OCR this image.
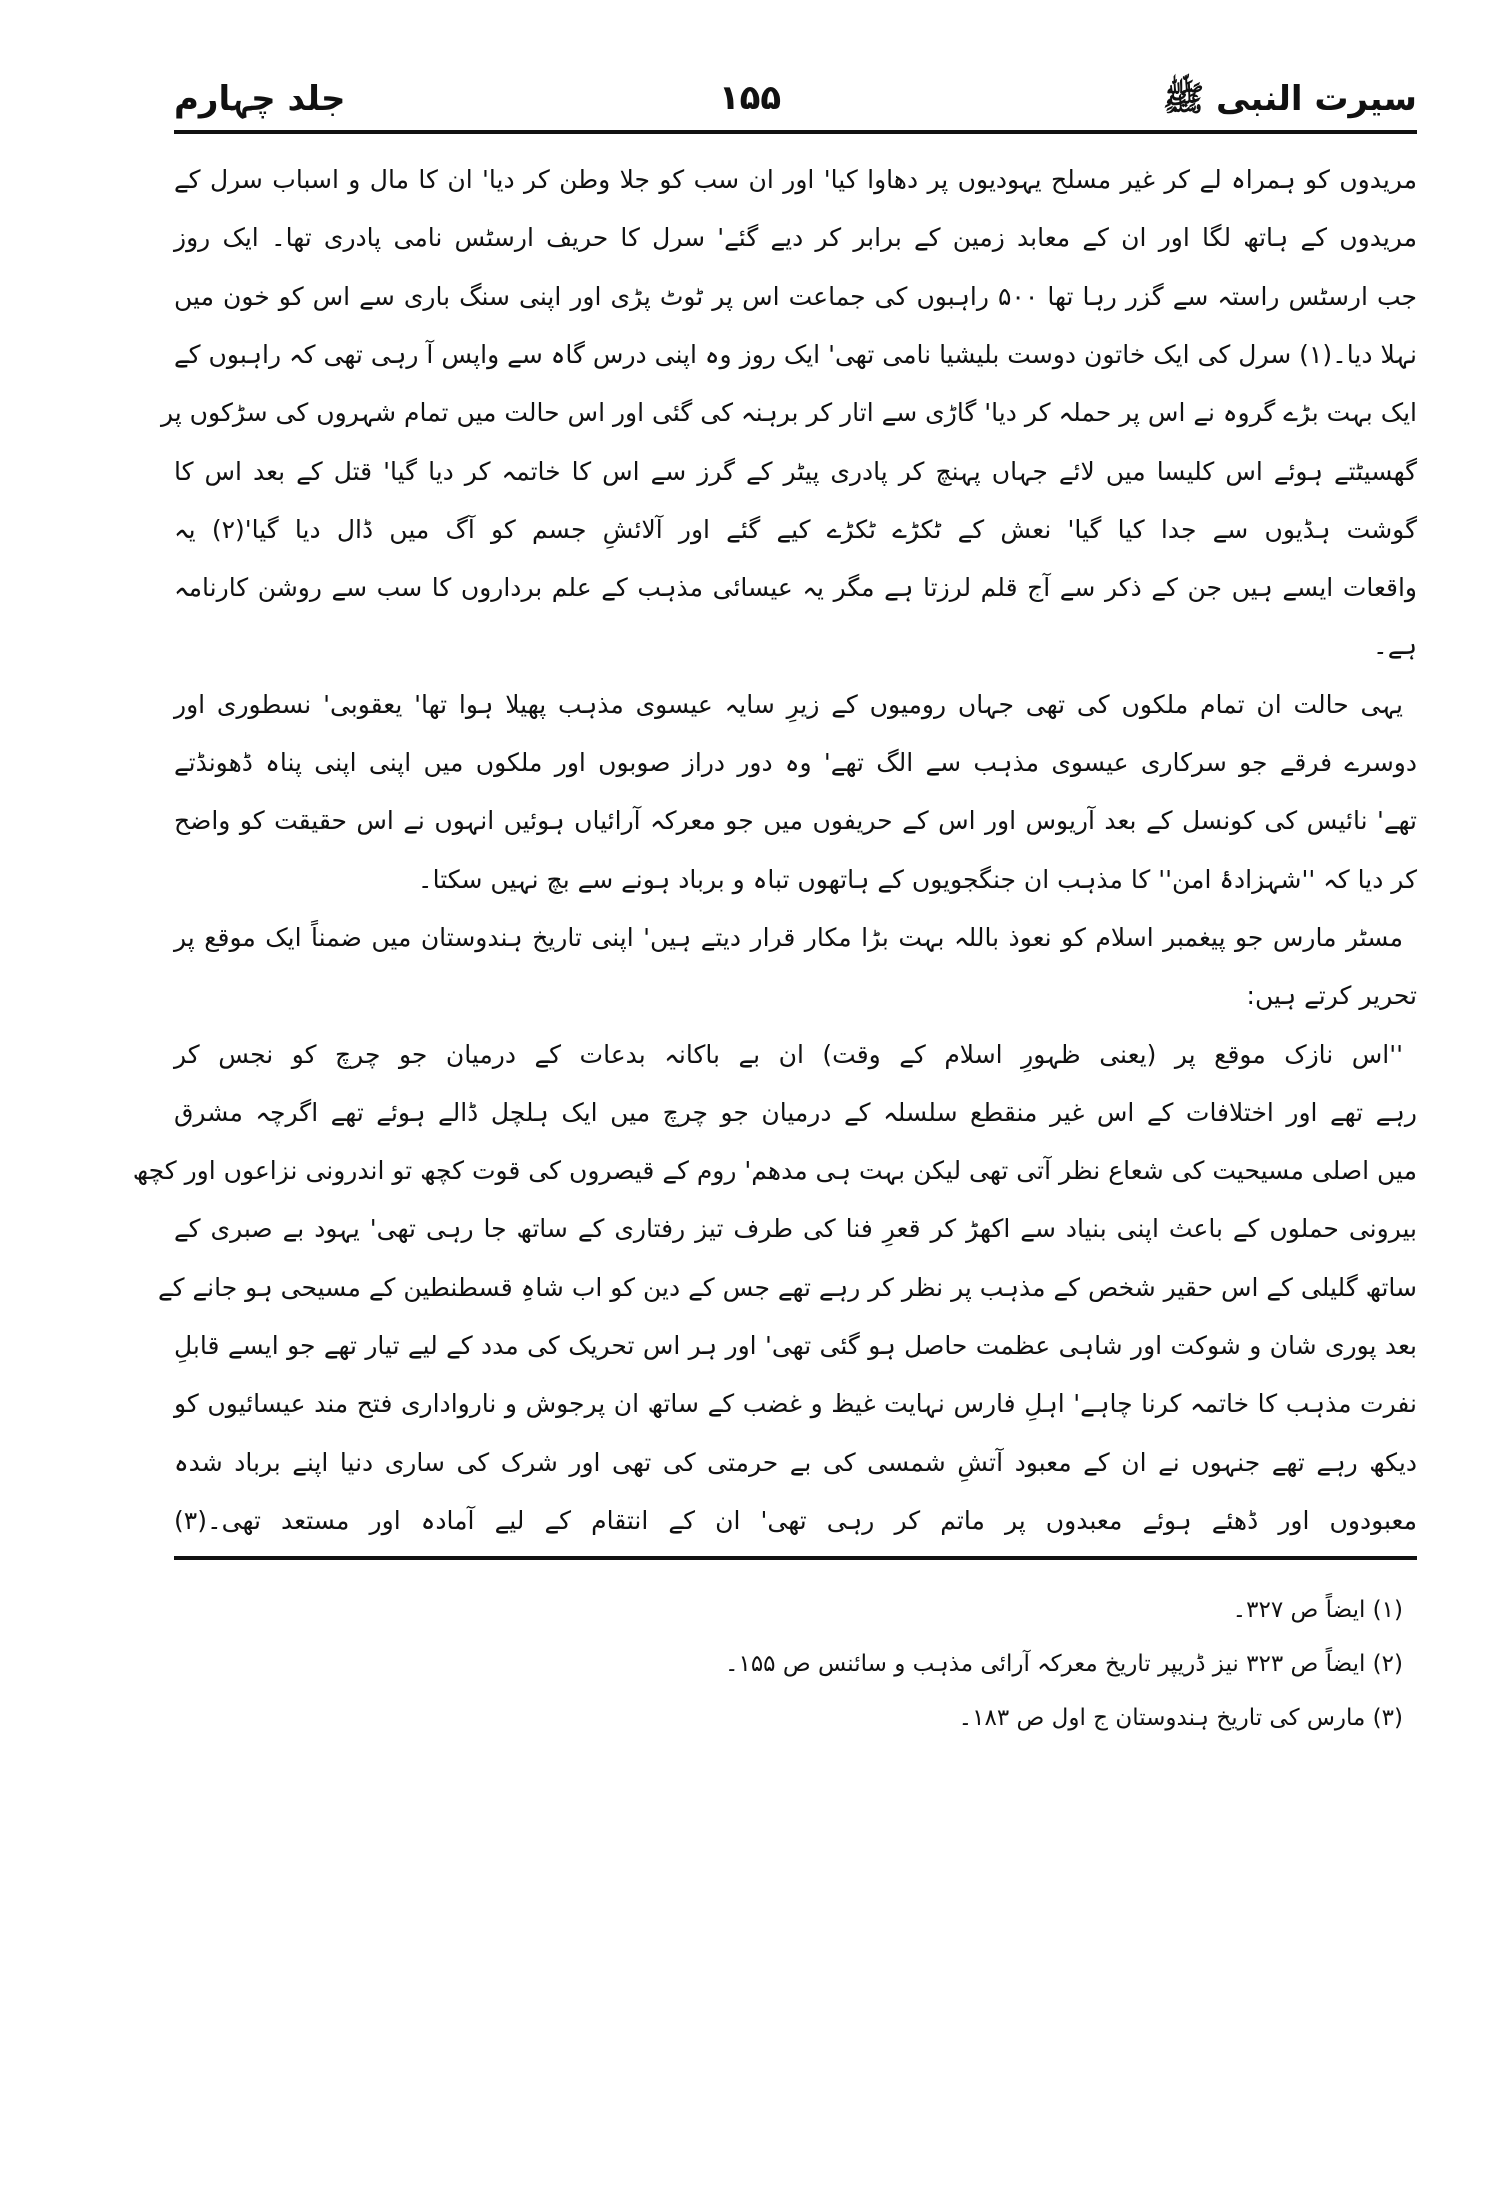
سیرت النبی ﷺ
۱۵۵
جلد چہارم
مریدوں کو ہمراہ لے کر غیر مسلح یہودیوں پر دھاوا کیا' اور ان سب کو جلا وطن کر دیا' ان کا مال و اسباب سرل کے
مریدوں کے ہاتھ لگا اور ان کے معابد زمین کے برابر کر دیے گئے' سرل کا حریف ارسٹس نامی پادری تھا۔ ایک روز
جب ارسٹس راستہ سے گزر رہا تھا ۵۰۰ راہبوں کی جماعت اس پر ٹوٹ پڑی اور اپنی سنگ باری سے اس کو خون میں
نہلا دیا۔(۱) سرل کی ایک خاتون دوست بلیشیا نامی تھی' ایک روز وہ اپنی درس گاہ سے واپس آ رہی تھی کہ راہبوں کے
ایک بہت بڑے گروہ نے اس پر حملہ کر دیا' گاڑی سے اتار کر برہنہ کی گئی اور اس حالت میں تمام شہروں کی سڑکوں پر
گھسیٹتے ہوئے اس کلیسا میں لائے جہاں پہنچ کر پادری پیٹر کے گرز سے اس کا خاتمہ کر دیا گیا' قتل کے بعد اس کا
گوشت ہڈیوں سے جدا کیا گیا' نعش کے ٹکڑے ٹکڑے کیے گئے اور آلائشِ جسم کو آگ میں ڈال دیا گیا'(۲) یہ
واقعات ایسے ہیں جن کے ذکر سے آج قلم لرزتا ہے مگر یہ عیسائی مذہب کے علم برداروں کا سب سے روشن کارنامہ
ہے۔
یہی حالت ان تمام ملکوں کی تھی جہاں رومیوں کے زیرِ سایہ عیسوی مذہب پھیلا ہوا تھا' یعقوبی' نسطوری اور
دوسرے فرقے جو سرکاری عیسوی مذہب سے الگ تھے' وہ دور دراز صوبوں اور ملکوں میں اپنی اپنی پناہ ڈھونڈتے
تھے' نائیس کی کونسل کے بعد آریوس اور اس کے حریفوں میں جو معرکہ آرائیاں ہوئیں انہوں نے اس حقیقت کو واضح
کر دیا کہ ''شہزادۂ امن'' کا مذہب ان جنگجویوں کے ہاتھوں تباہ و برباد ہونے سے بچ نہیں سکتا۔
مسٹر مارس جو پیغمبر اسلام کو نعوذ باللہ بہت بڑا مکار قرار دیتے ہیں' اپنی تاریخ ہندوستان میں ضمناً ایک موقع پر
تحریر کرتے ہیں:
''اس نازک موقع پر (یعنی ظہورِ اسلام کے وقت) ان بے باکانہ بدعات کے درمیان جو چرچ کو نجس کر
رہے تھے اور اختلافات کے اس غیر منقطع سلسلہ کے درمیان جو چرچ میں ایک ہلچل ڈالے ہوئے تھے اگرچہ مشرق
میں اصلی مسیحیت کی شعاع نظر آتی تھی لیکن بہت ہی مدھم' روم کے قیصروں کی قوت کچھ تو اندرونی نزاعوں اور کچھ
بیرونی حملوں کے باعث اپنی بنیاد سے اکھڑ کر قعرِ فنا کی طرف تیز رفتاری کے ساتھ جا رہی تھی' یہود بے صبری کے
ساتھ گلیلی کے اس حقیر شخص کے مذہب پر نظر کر رہے تھے جس کے دین کو اب شاہِ قسطنطین کے مسیحی ہو جانے کے
بعد پوری شان و شوکت اور شاہی عظمت حاصل ہو گئی تھی' اور ہر اس تحریک کی مدد کے لیے تیار تھے جو ایسے قابلِ
نفرت مذہب کا خاتمہ کرنا چاہے' اہلِ فارس نہایت غیظ و غضب کے ساتھ ان پرجوش و نارواداری فتح مند عیسائیوں کو
دیکھ رہے تھے جنہوں نے ان کے معبود آتشِ شمسی کی بے حرمتی کی تھی اور شرک کی ساری دنیا اپنے برباد شدہ
معبودوں اور ڈھئے ہوئے معبدوں پر ماتم کر رہی تھی' ان کے انتقام کے لیے آمادہ اور مستعد تھی۔(۳)
(۱) ایضاً ص ۳۲۷۔
(۲) ایضاً ص ۳۲۳ نیز ڈریپر تاریخ معرکہ آرائی مذہب و سائنس ص ۱۵۵۔
(۳) مارس کی تاریخ ہندوستان ج اول ص ۱۸۳۔
